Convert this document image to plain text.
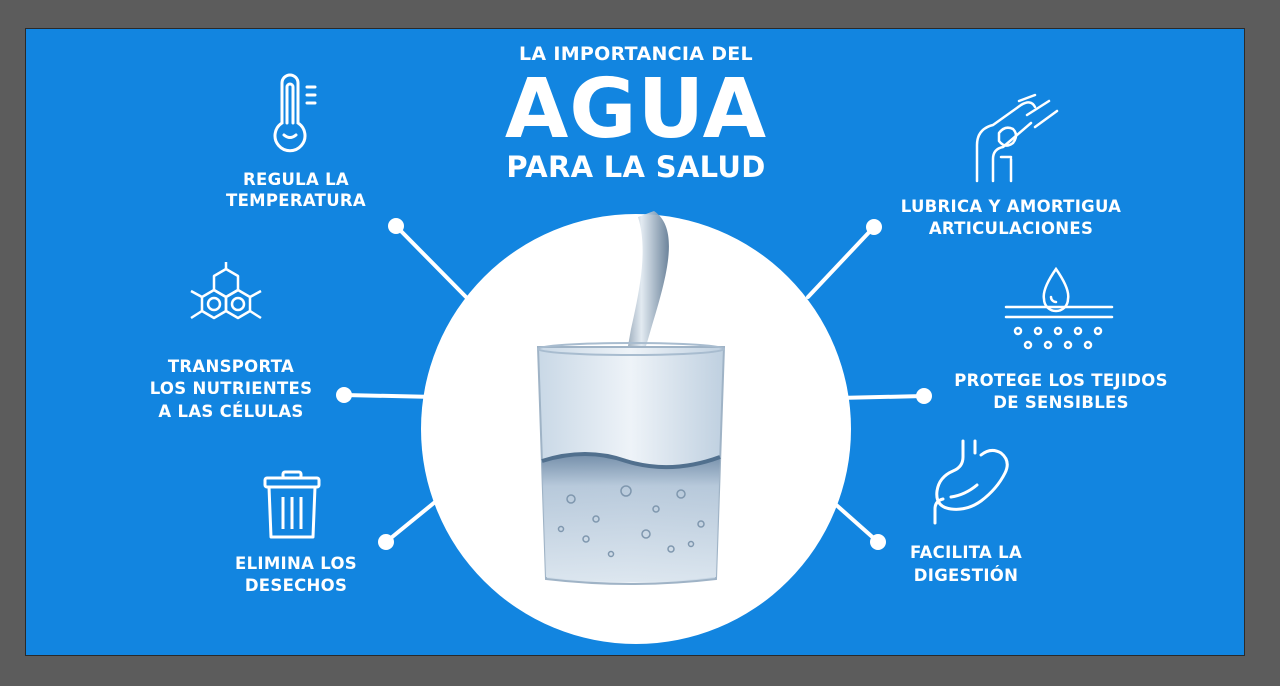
LA IMPORTANCIA DEL
AGUA
PARA LA SALUD
REGULA LA
TEMPERATURA
TRANSPORTA
LOS NUTRIENTES
A LAS CÉLULAS
ELIMINA LOS
DESECHOS
LUBRICA Y AMORTIGUA
ARTICULACIONES
PROTEGE LOS TEJIDOS
DE SENSIBLES
FACILITA LA
DIGESTIÓN
